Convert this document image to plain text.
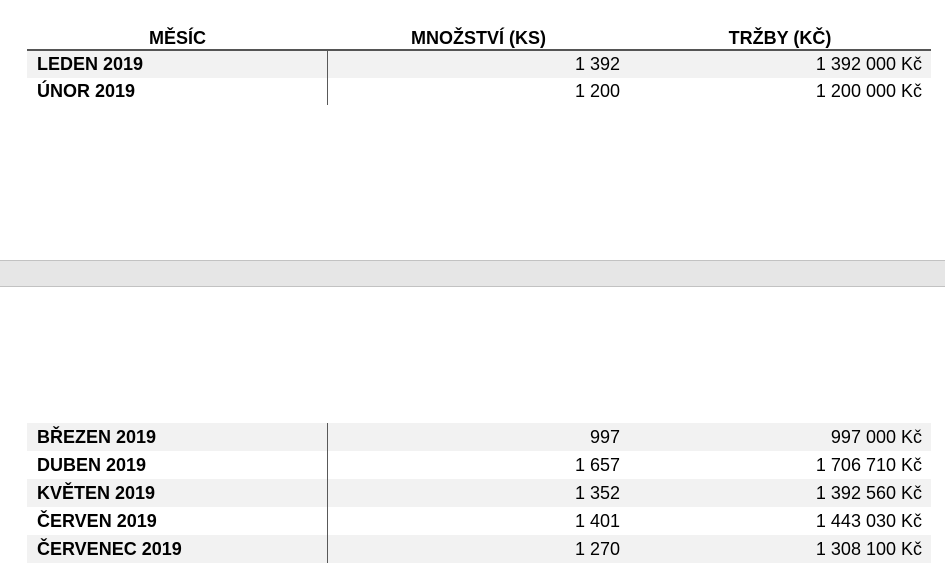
MĚSÍC	MNOŽSTVÍ (KS)	TRŽBY (KČ)
LEDEN 2019	1 392	1 392 000 Kč
ÚNOR 2019	1 200	1 200 000 Kč
BŘEZEN 2019	997	997 000 Kč
DUBEN 2019	1 657	1 706 710 Kč
KVĚTEN 2019	1 352	1 392 560 Kč
ČERVEN 2019	1 401	1 443 030 Kč
ČERVENEC 2019	1 270	1 308 100 Kč
